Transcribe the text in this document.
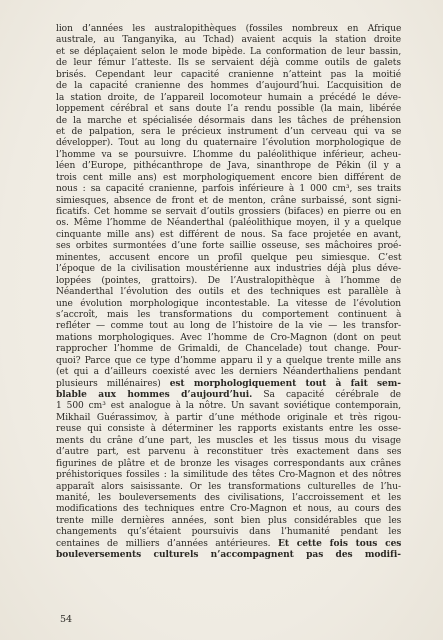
lion d’années les australopithèques (fossiles nombreux en Afrique
australe, au Tanganyika, au Tchad) avaient acquis la station droite
et se déplaçaient selon le mode bipède. La conformation de leur bassin,
de leur fémur l’atteste. Ils se servaient déjà comme outils de galets
brisés. Cependant leur capacité cranienne n’atteint pas la moitié
de la capacité cranienne des hommes d’aujourd’hui. L’acquisition de
la station droite, de l’appareil locomoteur humain a précédé le déve-
loppement cérébral et sans doute l’a rendu possible (la main, libérée
de la marche et spécialisée désormais dans les tâches de préhension
et de palpation, sera le précieux instrument d’un cerveau qui va se
développer). Tout au long du quaternaire l’évolution morphologique de
l’homme va se poursuivre. L’homme du paléolithique inférieur, acheu-
léen d’Europe, pithécanthrope de Java, sinanthrope de Pékin (il y a
trois cent mille ans) est morphologiquement encore bien différent de
nous : sa capacité cranienne, parfois inférieure à 1 000 cm³, ses traits
simiesques, absence de front et de menton, crâne surbaissé, sont signi-
ficatifs. Cet homme se servait d’outils grossiers (bifaces) en pierre ou en
os. Même l’homme de Néanderthal (paléolithique moyen, il y a quelque
cinquante mille ans) est différent de nous. Sa face projetée en avant,
ses orbites surmontées d’une forte saillie osseuse, ses mâchoires proé-
minentes, accusent encore un profil quelque peu simiesque. C’est
l’époque de la civilisation moustérienne aux industries déjà plus déve-
loppées (pointes, grattoirs). De l’Australopithèque à l’homme de
Néanderthal l’évolution des outils et des techniques est parallèle à
une évolution morphologique incontestable. La vitesse de l’évolution
s’accroît, mais les transformations du comportement continuent à
refléter — comme tout au long de l’histoire de la vie — les transfor-
mations morphologiques. Avec l’homme de Cro-Magnon (dont on peut
rapprocher l’homme de Grimaldi, de Chancelade) tout change. Pour-
quoi? Parce que ce type d’homme apparu il y a quelque trente mille ans
(et qui a d’ailleurs coexisté avec les derniers Néanderthaliens pendant
plusieurs millénaires) est morphologiquement tout à fait sem-
blable aux hommes d’aujourd’hui. Sa capacité cérébrale de
1 500 cm³ est analogue à la nôtre. Un savant soviétique contemporain,
Mikhail Guérassimov, à partir d’une méthode originale et très rigou-
reuse qui consiste à déterminer les rapports existants entre les osse-
ments du crâne d’une part, les muscles et les tissus mous du visage
d’autre part, est parvenu à reconstituer très exactement dans ses
figurines de plâtre et de bronze les visages correspondants aux crânes
préhistoriques fossiles : la similitude des têtes Cro-Magnon et des nôtres
apparaît alors saisissante. Or les transformations culturelles de l’hu-
manité, les bouleversements des civilisations, l’accroissement et les
modifications des techniques entre Cro-Magnon et nous, au cours des
trente mille dernières années, sont bien plus considérables que les
changements qu’s’étaient poursuivis dans l’humanité pendant les
centaines de milliers d’années antérieures. Et cette fois tous ces
bouleversements culturels n’accompagnent pas des modifi-
54
